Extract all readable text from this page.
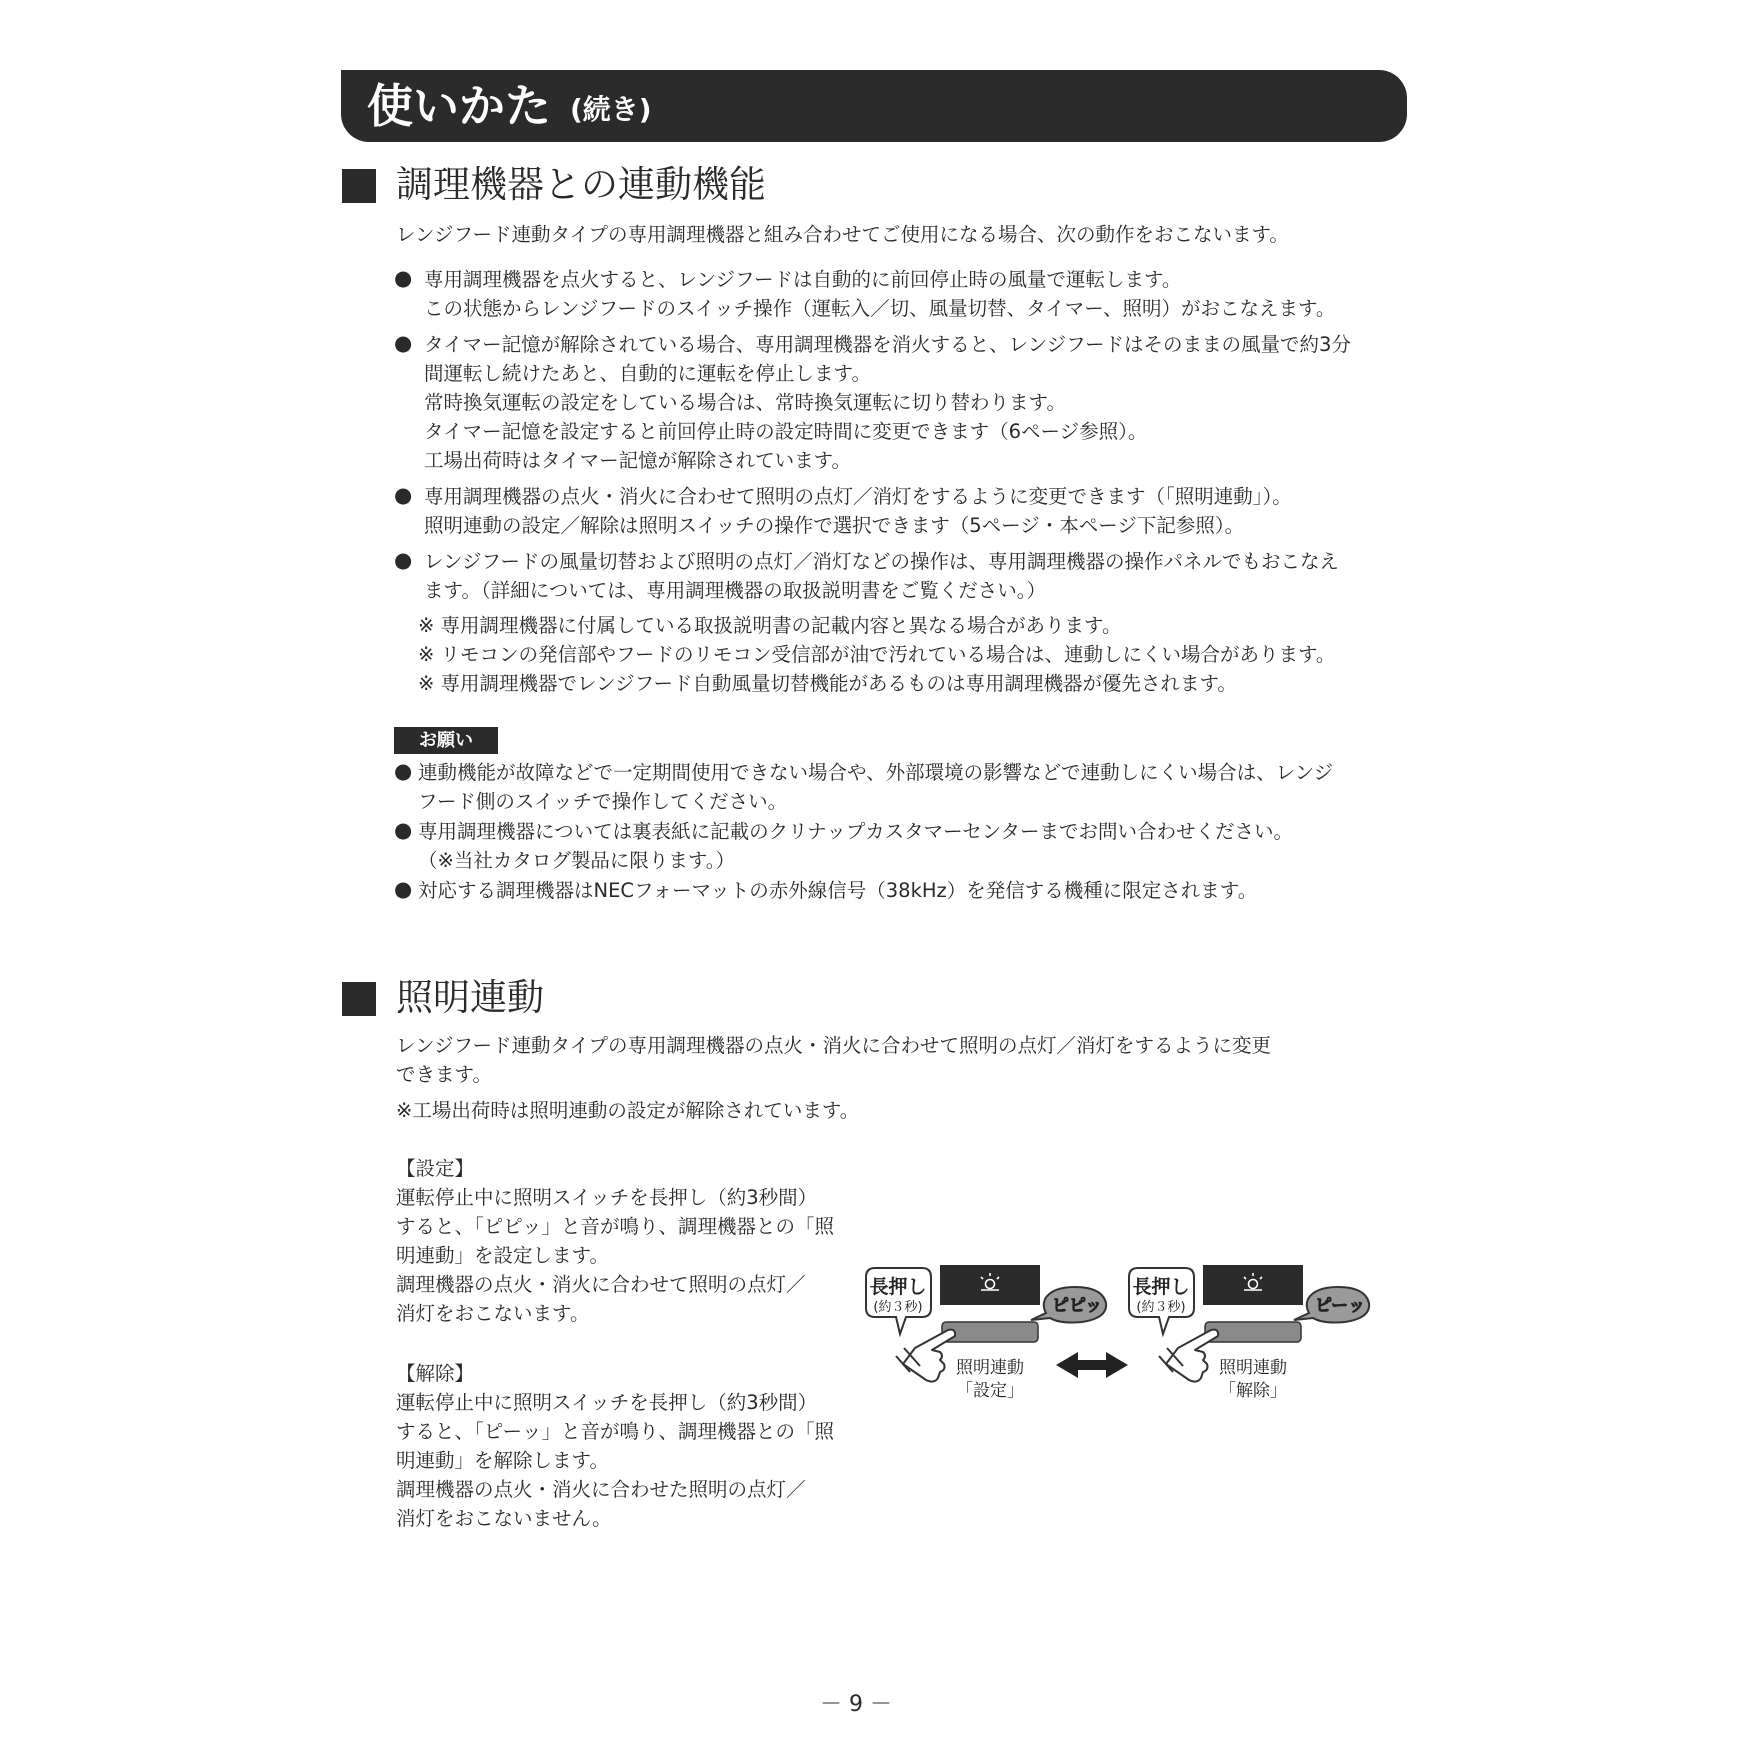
使いかた (続き)
調理機器との連動機能
レンジフード連動タイプの専用調理機器と組み合わせてご使用になる場合、次の動作をおこないます。
● 専用調理機器を点火すると、レンジフードは自動的に前回停止時の風量で運転します。
この状態からレンジフードのスイッチ操作（運転入／切、風量切替、タイマー、照明）がおこなえます。
● タイマー記憶が解除されている場合、専用調理機器を消火すると、レンジフードはそのままの風量で約3分
間運転し続けたあと、自動的に運転を停止します。
常時換気運転の設定をしている場合は、常時換気運転に切り替わります。
タイマー記憶を設定すると前回停止時の設定時間に変更できます（6ページ参照）。
工場出荷時はタイマー記憶が解除されています。
● 専用調理機器の点火・消火に合わせて照明の点灯／消灯をするように変更できます（「照明連動」）。
照明連動の設定／解除は照明スイッチの操作で選択できます（5ページ・本ページ下記参照）。
● レンジフードの風量切替および照明の点灯／消灯などの操作は、専用調理機器の操作パネルでもおこなえ
ます。（詳細については、専用調理機器の取扱説明書をご覧ください。）
※ 専用調理機器に付属している取扱説明書の記載内容と異なる場合があります。
※ リモコンの発信部やフードのリモコン受信部が油で汚れている場合は、連動しにくい場合があります。
※ 専用調理機器でレンジフード自動風量切替機能があるものは専用調理機器が優先されます。
お願い
● 連動機能が故障などで一定期間使用できない場合や、外部環境の影響などで連動しにくい場合は、レンジ
フード側のスイッチで操作してください。
● 専用調理機器については裏表紙に記載のクリナップカスタマーセンターまでお問い合わせください。
（※当社カタログ製品に限ります。）
● 対応する調理機器はNECフォーマットの赤外線信号（38kHz）を発信する機種に限定されます。
照明連動
レンジフード連動タイプの専用調理機器の点火・消火に合わせて照明の点灯／消灯をするように変更
できます。
※工場出荷時は照明連動の設定が解除されています。
【設定】
運転停止中に照明スイッチを長押し（約3秒間）
すると、「ピピッ」と音が鳴り、調理機器との「照
明連動」を設定します。
調理機器の点火・消火に合わせて照明の点灯／
消灯をおこないます。
【解除】
運転停止中に照明スイッチを長押し（約3秒間）
すると、「ピーッ」と音が鳴り、調理機器との「照
明連動」を解除します。
調理機器の点火・消火に合わせた照明の点灯／
消灯をおこないません。
長押し
(約３秒)	ピピッ
照明連動
「設定」
長押し
(約３秒)	ピーッ
照明連動
「解除」
－ 9 －
